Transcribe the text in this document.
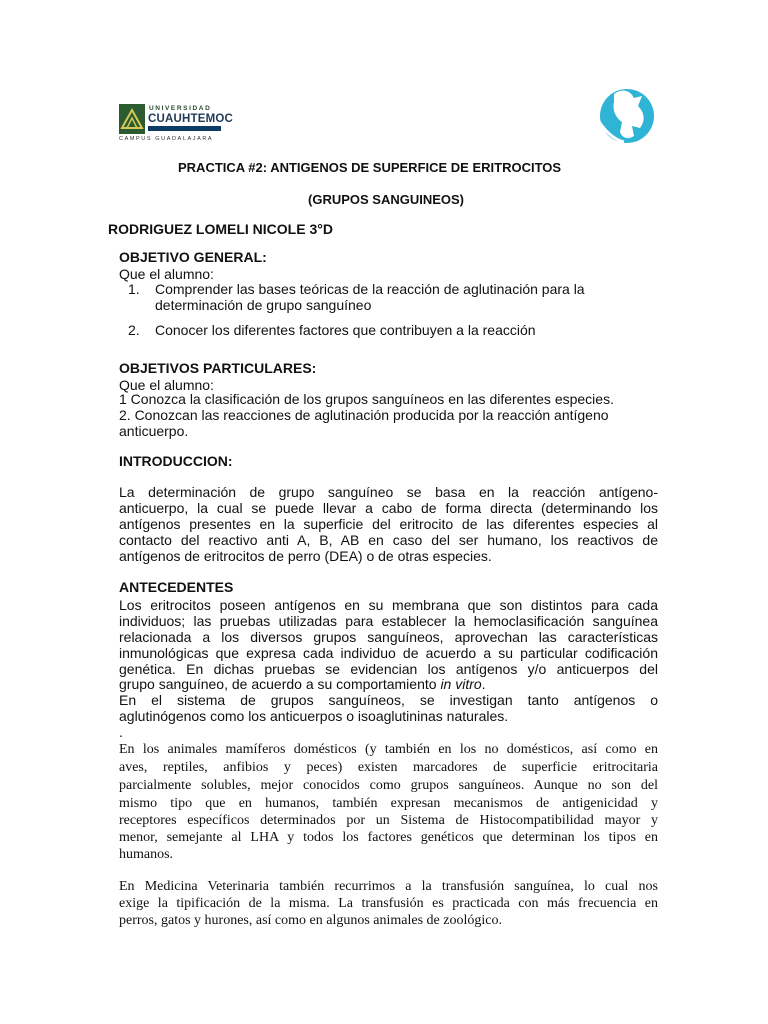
UNIVERSIDAD
CUAUHTEMOC
CAMPUS GUADALAJARA
PRACTICA #2: ANTIGENOS DE SUPERFICE DE ERITROCITOS
(GRUPOS SANGUINEOS)
RODRIGUEZ LOMELI NICOLE 3°D
OBJETIVO GENERAL:
Que el alumno:
1. Comprender las bases teóricas de la reacción de aglutinación para la
determinación de grupo sanguíneo
2. Conocer los diferentes factores que contribuyen a la reacción
OBJETIVOS PARTICULARES:
Que el alumno:
1 Conozca la clasificación de los grupos sanguíneos en las diferentes especies.
2. Conozcan las reacciones de aglutinación producida por la reacción antígeno
anticuerpo.
INTRODUCCION:
La determinación de grupo sanguíneo se basa en la reacción antígeno-
anticuerpo, la cual se puede llevar a cabo de forma directa (determinando los
antígenos presentes en la superficie del eritrocito de las diferentes especies al
contacto del reactivo anti A, B, AB en caso del ser humano, los reactivos de
antígenos de eritrocitos de perro (DEA) o de otras especies.
ANTECEDENTES
Los eritrocitos poseen antígenos en su membrana que son distintos para cada
individuos; las pruebas utilizadas para establecer la hemoclasificación sanguínea
relacionada a los diversos grupos sanguíneos, aprovechan las características
inmunológicas que expresa cada individuo de acuerdo a su particular codificación
genética. En dichas pruebas se evidencian los antígenos y/o anticuerpos del
grupo sanguíneo, de acuerdo a su comportamiento in vitro.
En el sistema de grupos sanguíneos, se investigan tanto antígenos o
aglutinógenos como los anticuerpos o isoaglutininas naturales.
.
En los animales mamíferos domésticos (y también en los no domésticos, así como en
aves, reptiles, anfibios y peces) existen marcadores de superficie eritrocitaria
parcialmente solubles, mejor conocidos como grupos sanguíneos. Aunque no son del
mismo tipo que en humanos, también expresan mecanismos de antigenicidad y
receptores específicos determinados por un Sistema de Histocompatibilidad mayor y
menor, semejante al LHA y todos los factores genéticos que determinan los tipos en
humanos.
En Medicina Veterinaria también recurrimos a la transfusión sanguínea, lo cual nos
exige la tipificación de la misma. La transfusión es practicada con más frecuencia en
perros, gatos y hurones, así como en algunos animales de zoológico.
